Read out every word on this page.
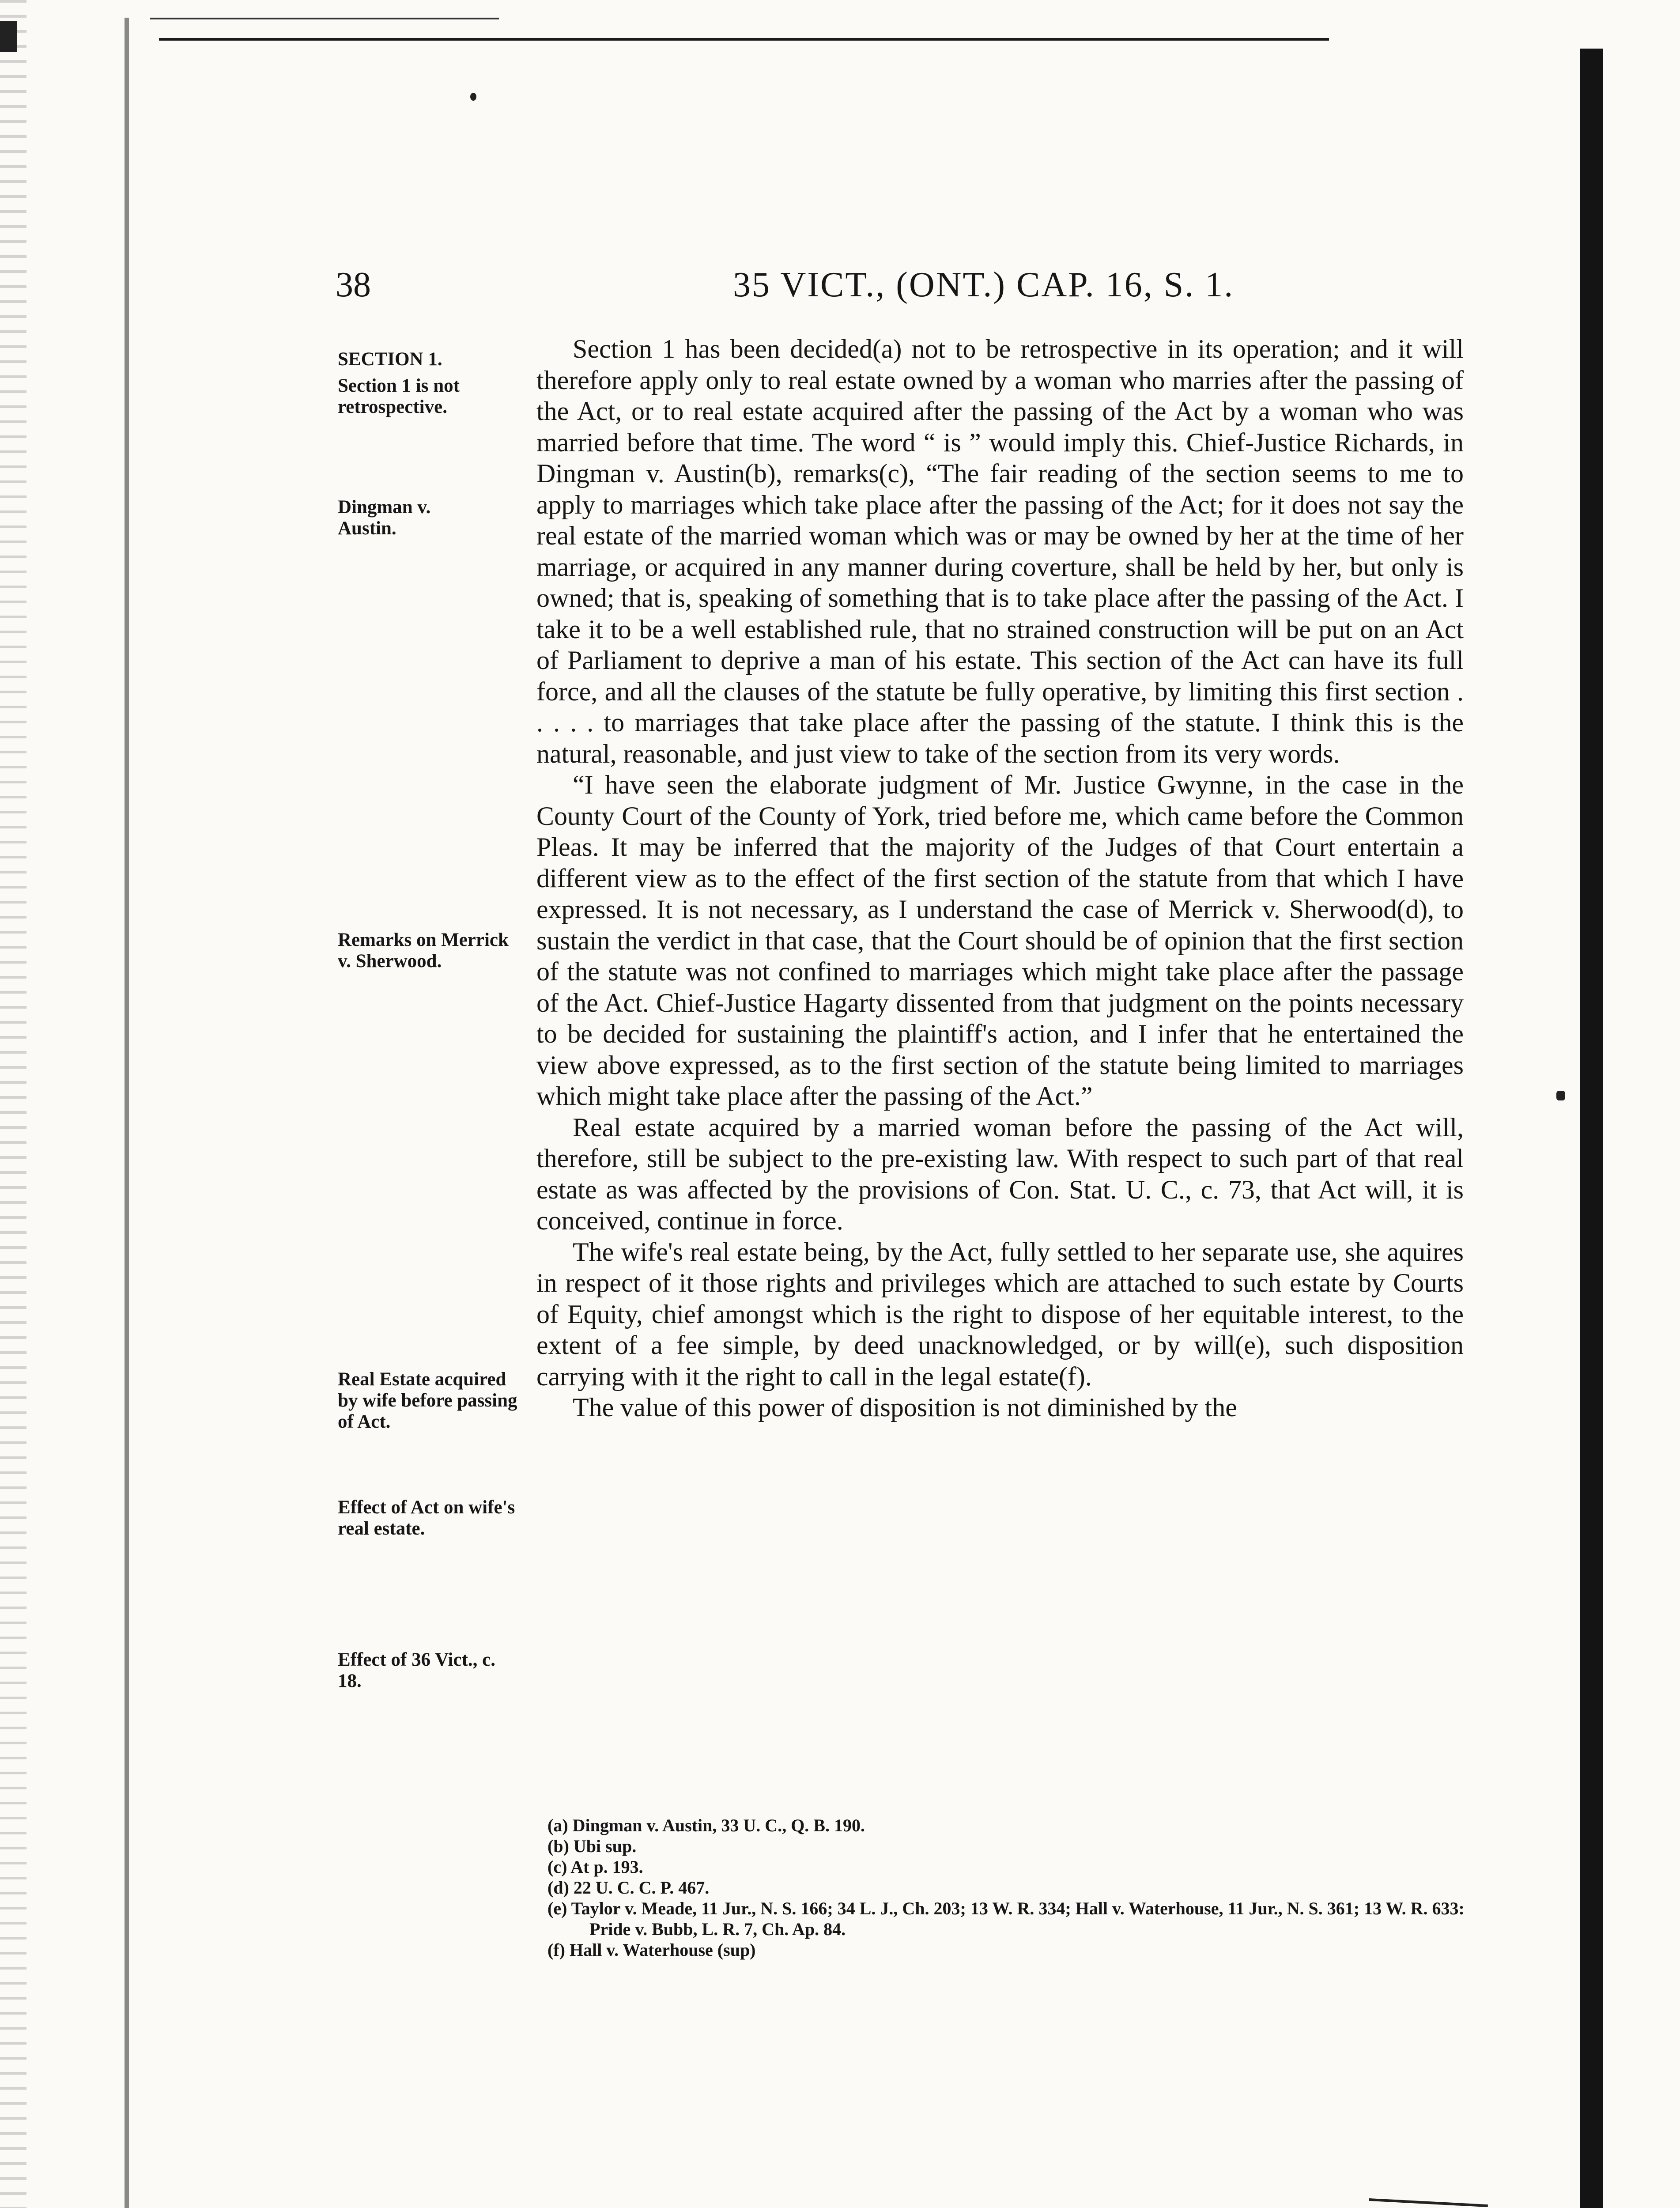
38	35 VICT., (ONT.) CAP. 16, S. 1.
SECTION 1.
Section 1 is not retrospective.
Dingman v. Austin.
Remarks on Merrick v. Sherwood.
Real Estate acquired by wife before passing of Act.
Effect of Act on wife's real estate.
Effect of 36 Vict., c. 18.

Section 1 has been decided(a) not to be retrospective in its operation; and it will therefore apply only to real estate owned by a woman who marries after the passing of the Act, or to real estate acquired after the passing of the Act by a woman who was married before that time. The word “ is ” would imply this. Chief-Justice Richards, in Dingman v. Austin(b), remarks(c), “The fair reading of the section seems to me to apply to marriages which take place after the passing of the Act; for it does not say the real estate of the married woman which was or may be owned by her at the time of her marriage, or acquired in any manner during coverture, shall be held by her, but only is owned; that is, speaking of something that is to take place after the passing of the Act. I take it to be a well established rule, that no strained construction will be put on an Act of Parliament to deprive a man of his estate. This section of the Act can have its full force, and all the clauses of the statute be fully operative, by limiting this first section . . . . . to marriages that take place after the passing of the statute. I think this is the natural, reasonable, and just view to take of the section from its very words.

“I have seen the elaborate judgment of Mr. Justice Gwynne, in the case in the County Court of the County of York, tried before me, which came before the Common Pleas. It may be inferred that the majority of the Judges of that Court entertain a different view as to the effect of the first section of the statute from that which I have expressed. It is not necessary, as I understand the case of Merrick v. Sherwood(d), to sustain the verdict in that case, that the Court should be of opinion that the first section of the statute was not confined to marriages which might take place after the passage of the Act. Chief-Justice Hagarty dissented from that judgment on the points necessary to be decided for sustaining the plaintiff's action, and I infer that he entertained the view above expressed, as to the first section of the statute being limited to marriages which might take place after the passing of the Act.”

Real estate acquired by a married woman before the passing of the Act will, therefore, still be subject to the pre-existing law. With respect to such part of that real estate as was affected by the provisions of Con. Stat. U. C., c. 73, that Act will, it is conceived, continue in force.

The wife's real estate being, by the Act, fully settled to her separate use, she aquires in respect of it those rights and privileges which are attached to such estate by Courts of Equity, chief amongst which is the right to dispose of her equitable interest, to the extent of a fee simple, by deed unacknowledged, or by will(e), such disposition carrying with it the right to call in the legal estate(f).

The value of this power of disposition is not diminished by the

(a) Dingman v. Austin, 33 U. C., Q. B. 190.
(b) Ubi sup.
(c) At p. 193.
(d) 22 U. C. C. P. 467.
(e) Taylor v. Meade, 11 Jur., N. S. 166; 34 L. J., Ch. 203; 13 W. R. 334; Hall v. Waterhouse, 11 Jur., N. S. 361; 13 W. R. 633: Pride v. Bubb, L. R. 7, Ch. Ap. 84.
(f) Hall v. Waterhouse (sup)
